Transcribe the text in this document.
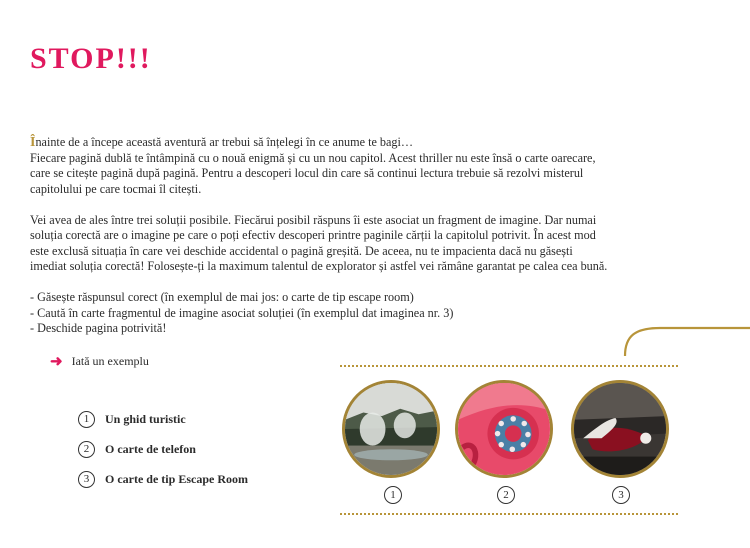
STOP!!!

Înainte de a începe această aventură ar trebui să înțelegi în ce anume te bagi…
Fiecare pagină dublă te întâmpină cu o nouă enigmă și cu un nou capitol. Acest thriller nu este însă o carte oarecare, care se citește pagină după pagină. Pentru a descoperi locul din care să continui lectura trebuie să rezolvi misterul capitolului pe care tocmai îl citești.

Vei avea de ales între trei soluții posibile. Fiecărui posibil răspuns îi este asociat un fragment de imagine. Dar numai soluția corectă are o imagine pe care o poți efectiv descoperi printre paginile cărții la capitolul potrivit. În acest mod este exclusă situația în care vei deschide accidental o pagină greșită. De aceea, nu te impacienta dacă nu găsești imediat soluția corectă! Folosește-ți la maximum talentul de explorator și astfel vei rămâne garantat pe calea cea bună.

- Găsește răspunsul corect (în exemplul de mai jos: o carte de tip escape room)
- Caută în carte fragmentul de imagine asociat soluției (în exemplul dat imaginea nr. 3)
- Deschide pagina potrivită!
➜ Iată un exemplu
1	Un ghid turistic
2	O carte de telefon
3	O carte de tip Escape Room
1	2	3
